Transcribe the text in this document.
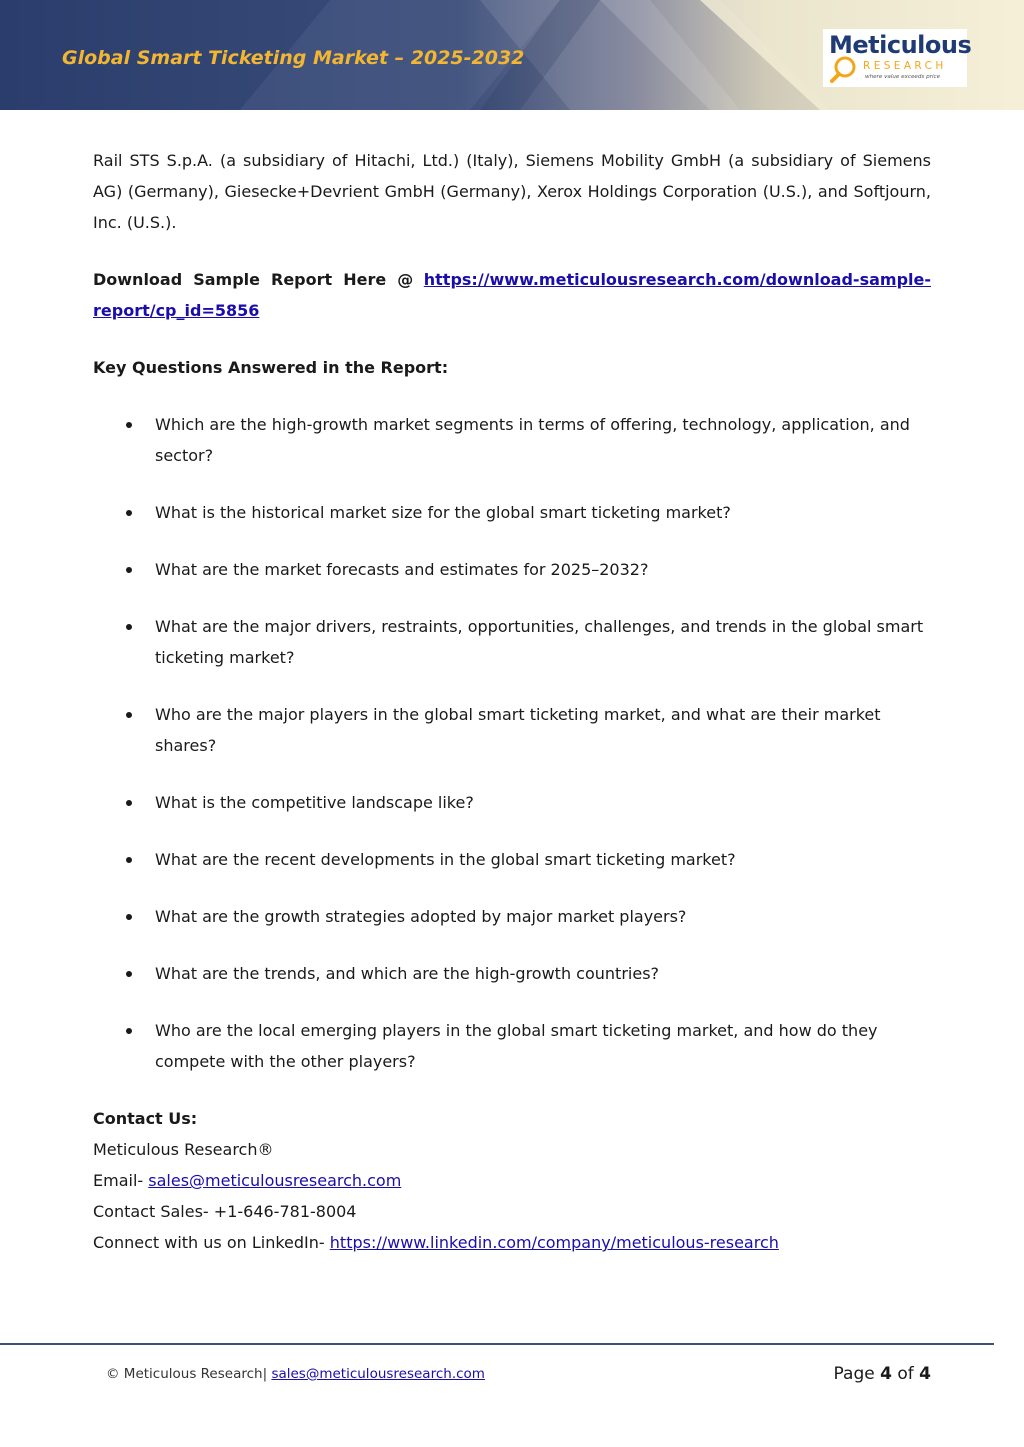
Global Smart Ticketing Market – 2025-2032	Meticulous
RESEARCH
where value exceeds price

Rail STS S.p.A. (a subsidiary of Hitachi, Ltd.) (Italy), Siemens Mobility GmbH (a subsidiary of Siemens AG) (Germany), Giesecke+Devrient GmbH (Germany), Xerox Holdings Corporation (U.S.), and Softjourn, Inc. (U.S.).

Download Sample Report Here @ https://www.meticulousresearch.com/download-sample-report/cp_id=5856

Key Questions Answered in the Report:

Which are the high-growth market segments in terms of offering, technology, application, and sector?
What is the historical market size for the global smart ticketing market?
What are the market forecasts and estimates for 2025–2032?
What are the major drivers, restraints, opportunities, challenges, and trends in the global smart ticketing market?
Who are the major players in the global smart ticketing market, and what are their market shares?
What is the competitive landscape like?
What are the recent developments in the global smart ticketing market?
What are the growth strategies adopted by major market players?
What are the trends, and which are the high-growth countries?
Who are the local emerging players in the global smart ticketing market, and how do they compete with the other players?

Contact Us:

Meticulous Research®

Email- sales@meticulousresearch.com

Contact Sales- +1-646-781-8004

Connect with us on LinkedIn- https://www.linkedin.com/company/meticulous-research

© Meticulous Research| sales@meticulousresearch.com	Page 4 of 4
